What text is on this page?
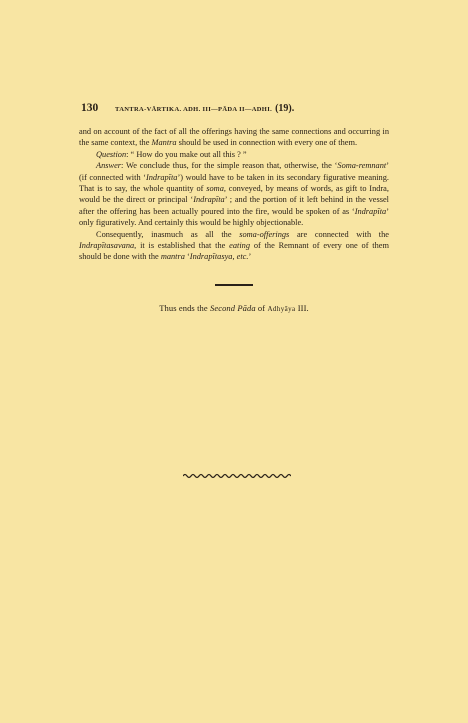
130	TANTRA-VĀRTIKA. ADH. III—PĀDA II—ADHI. (19).

and on account of the fact of all the offerings having the same connections and occurring in the same context, the Mantra should be used in connection with every one of them.

Question: “ How do you make out all this ? ”

Answer: We conclude thus, for the simple reason that, otherwise, the ‘Soma-remnant’ (if connected with ‘Indrapīta’) would have to be taken in its secondary figurative meaning. That is to say, the whole quantity of soma, conveyed, by means of words, as gift to Indra, would be the direct or principal ‘Indrapīta’ ; and the portion of it left behind in the vessel after the offering has been actually poured into the fire, would be spoken of as ‘Indrapīta’ only figuratively. And certainly this would be highly objectionable.

Consequently, inasmuch as all the soma-offerings are connected with the Indrapītasavana, it is established that the eating of the Remnant of every one of them should be done with the mantra ‘Indrapītasya, etc.’

Thus ends the Second Pāda of Adhyāya III.
